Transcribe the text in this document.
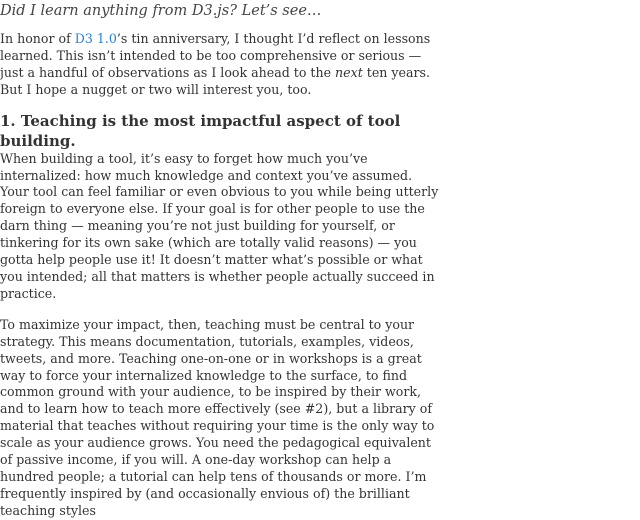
Did I learn anything from D3.js? Let’s see…

In honor of D3 1.0’s tin anniversary, I thought I’d reflect on lessons learned. This isn’t intended to be too comprehensive or serious — just a handful of observations as I look ahead to the next ten years. But I hope a nugget or two will interest you, too.

1. Teaching is the most impactful aspect of tool building.

When building a tool, it’s easy to forget how much you’ve internalized: how much knowledge and context you’ve assumed. Your tool can feel familiar or even obvious to you while being utterly foreign to everyone else. If your goal is for other people to use the darn thing — meaning you’re not just building for yourself, or tinkering for its own sake (which are totally valid reasons) — you gotta help people use it! It doesn’t matter what’s possible or what you intended; all that matters is whether people actually succeed in practice.

To maximize your impact, then, teaching must be central to your strategy. This means documentation, tutorials, examples, videos, tweets, and more. Teaching one-on-one or in workshops is a great way to force your internalized knowledge to the surface, to find common ground with your audience, to be inspired by their work, and to learn how to teach more effectively (see #2), but a library of material that teaches without requiring your time is the only way to scale as your audience grows. You need the pedagogical equivalent of passive income, if you will. A one-day workshop can help a hundred people; a tutorial can help tens of thousands or more. I’m frequently inspired by (and occasionally envious of) the brilliant teaching styles
